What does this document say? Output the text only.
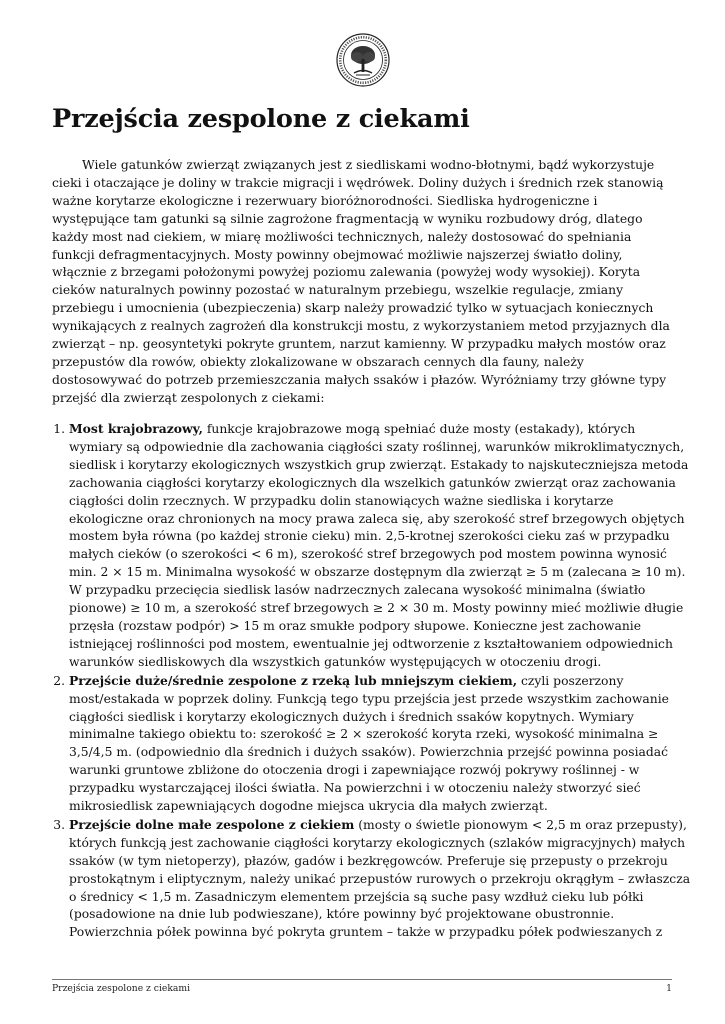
Przejścia zespolone z ciekami

Wiele gatunków zwierząt związanych jest z siedliskami wodno-błotnymi, bądź wykorzystuje cieki i otaczające je doliny w trakcie migracji i wędrówek. Doliny dużych i średnich rzek stanowią ważne korytarze ekologiczne i rezerwuary bioróżnorodności. Siedliska hydrogeniczne i występujące tam gatunki są silnie zagrożone fragmentacją w wyniku rozbudowy dróg, dlatego każdy most nad ciekiem, w miarę możliwości technicznych, należy dostosować do spełniania funkcji defragmentacyjnych. Mosty powinny obejmować możliwie najszerzej światło doliny, włącznie z brzegami położonymi powyżej poziomu zalewania (powyżej wody wysokiej). Koryta cieków naturalnych powinny pozostać w naturalnym przebiegu, wszelkie regulacje, zmiany przebiegu i umocnienia (ubezpieczenia) skarp należy prowadzić tylko w sytuacjach koniecznych wynikających z realnych zagrożeń dla konstrukcji mostu, z wykorzystaniem metod przyjaznych dla zwierząt – np. geosyntetyki pokryte gruntem, narzut kamienny. W przypadku małych mostów oraz przepustów dla rowów, obiekty zlokalizowane w obszarach cennych dla fauny, należy dostosowywać do potrzeb przemieszczania małych ssaków i płazów. Wyróżniamy trzy główne typy przejść dla zwierząt zespolonych z ciekami:

1. Most krajobrazowy, funkcje krajobrazowe mogą spełniać duże mosty (estakady), których wymiary są odpowiednie dla zachowania ciągłości szaty roślinnej, warunków mikroklimatycznych, siedlisk i korytarzy ekologicznych wszystkich grup zwierząt. Estakady to najskuteczniejsza metoda zachowania ciągłości korytarzy ekologicznych dla wszelkich gatunków zwierząt oraz zachowania ciągłości dolin rzecznych. W przypadku dolin stanowiących ważne siedliska i korytarze ekologiczne oraz chronionych na mocy prawa zaleca się, aby szerokość stref brzegowych objętych mostem była równa (po każdej stronie cieku) min. 2,5-krotnej szerokości cieku zaś w przypadku małych cieków (o szerokości < 6 m), szerokość stref brzegowych pod mostem powinna wynosić min. 2 × 15 m. Minimalna wysokość w obszarze dostępnym dla zwierząt ≥ 5 m (zalecana ≥ 10 m). W przypadku przecięcia siedlisk lasów nadrzecznych zalecana wysokość minimalna (światło pionowe) ≥ 10 m, a szerokość stref brzegowych ≥ 2 × 30 m. Mosty powinny mieć możliwie długie przęsła (rozstaw podpór) > 15 m oraz smukłe podpory słupowe. Konieczne jest zachowanie istniejącej roślinności pod mostem, ewentualnie jej odtworzenie z kształtowaniem odpowiednich warunków siedliskowych dla wszystkich gatunków występujących w otoczeniu drogi.
2. Przejście duże/średnie zespolone z rzeką lub mniejszym ciekiem, czyli poszerzony most/estakada w poprzek doliny. Funkcją tego typu przejścia jest przede wszystkim zachowanie ciągłości siedlisk i korytarzy ekologicznych dużych i średnich ssaków kopytnych. Wymiary minimalne takiego obiektu to: szerokość ≥ 2 × szerokość koryta rzeki, wysokość minimalna ≥ 3,5/4,5 m. (odpowiednio dla średnich i dużych ssaków). Powierzchnia przejść powinna posiadać warunki gruntowe zbliżone do otoczenia drogi i zapewniające rozwój pokrywy roślinnej - w przypadku wystarczającej ilości światła. Na powierzchni i w otoczeniu należy stworzyć sieć mikrosiedlisk zapewniających dogodne miejsca ukrycia dla małych zwierząt.
3. Przejście dolne małe zespolone z ciekiem (mosty o świetle pionowym < 2,5 m oraz przepusty), których funkcją jest zachowanie ciągłości korytarzy ekologicznych (szlaków migracyjnych) małych ssaków (w tym nietoperzy), płazów, gadów i bezkręgowców. Preferuje się przepusty o przekroju prostokątnym i eliptycznym, należy unikać przepustów rurowych o przekroju okrągłym – zwłaszcza o średnicy < 1,5 m. Zasadniczym elementem przejścia są suche pasy wzdłuż cieku lub półki (posadowione na dnie lub podwieszane), które powinny być projektowane obustronnie. Powierzchnia półek powinna być pokryta gruntem – także w przypadku półek podwieszanych z
Przejścia zespolone z ciekami	1
